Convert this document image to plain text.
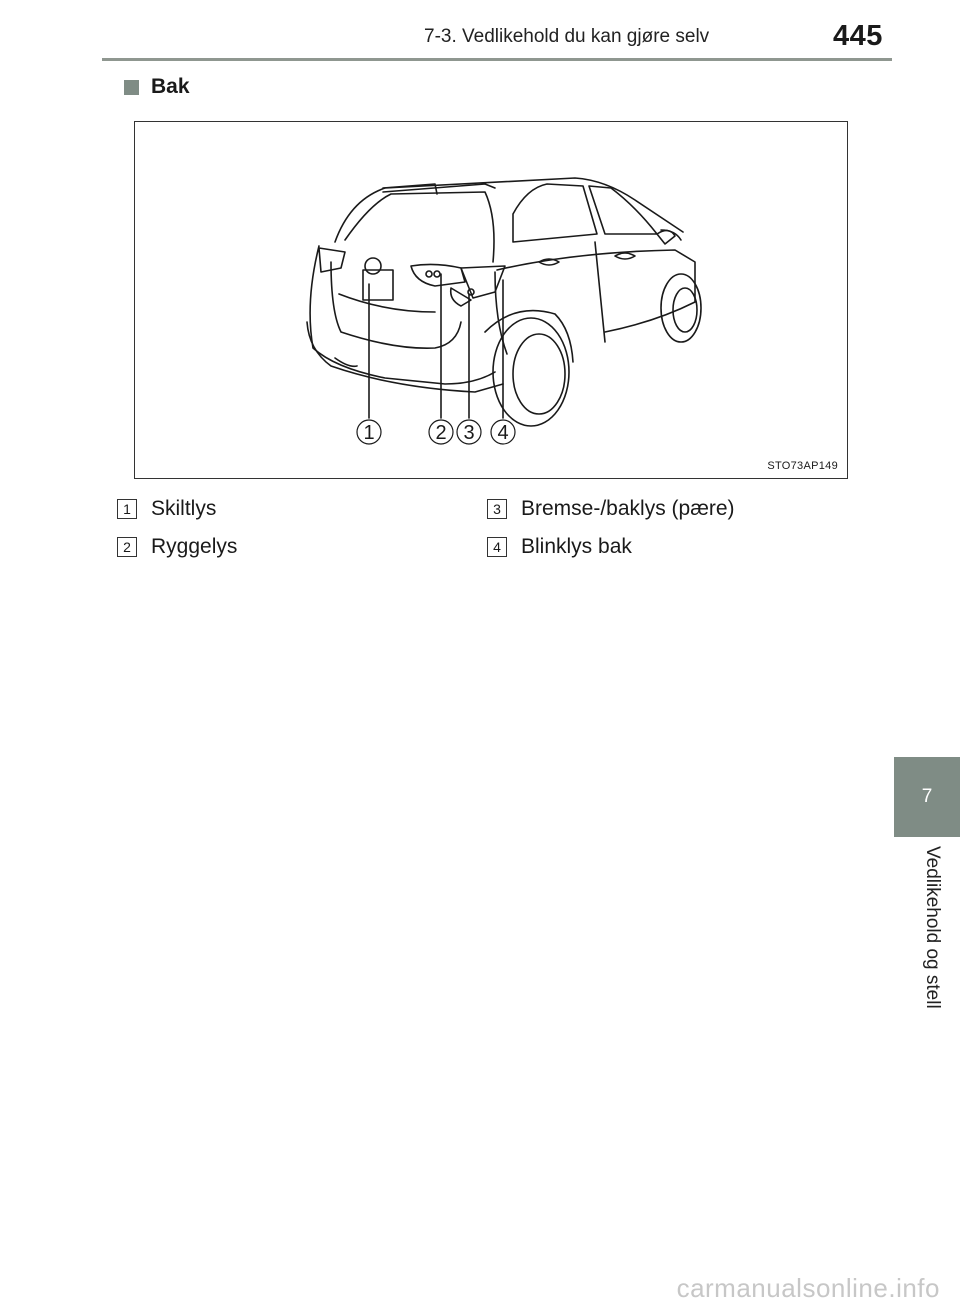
7-3. Vedlikehold du kan gjøre selv	445
Bak
1	2 3 4
STO73AP149
1 Skiltlys
2 Ryggelys
3 Bremse-/baklys (pære)
4 Blinklys bak
7
Vedlikehold og stell
carmanualsonline.info
